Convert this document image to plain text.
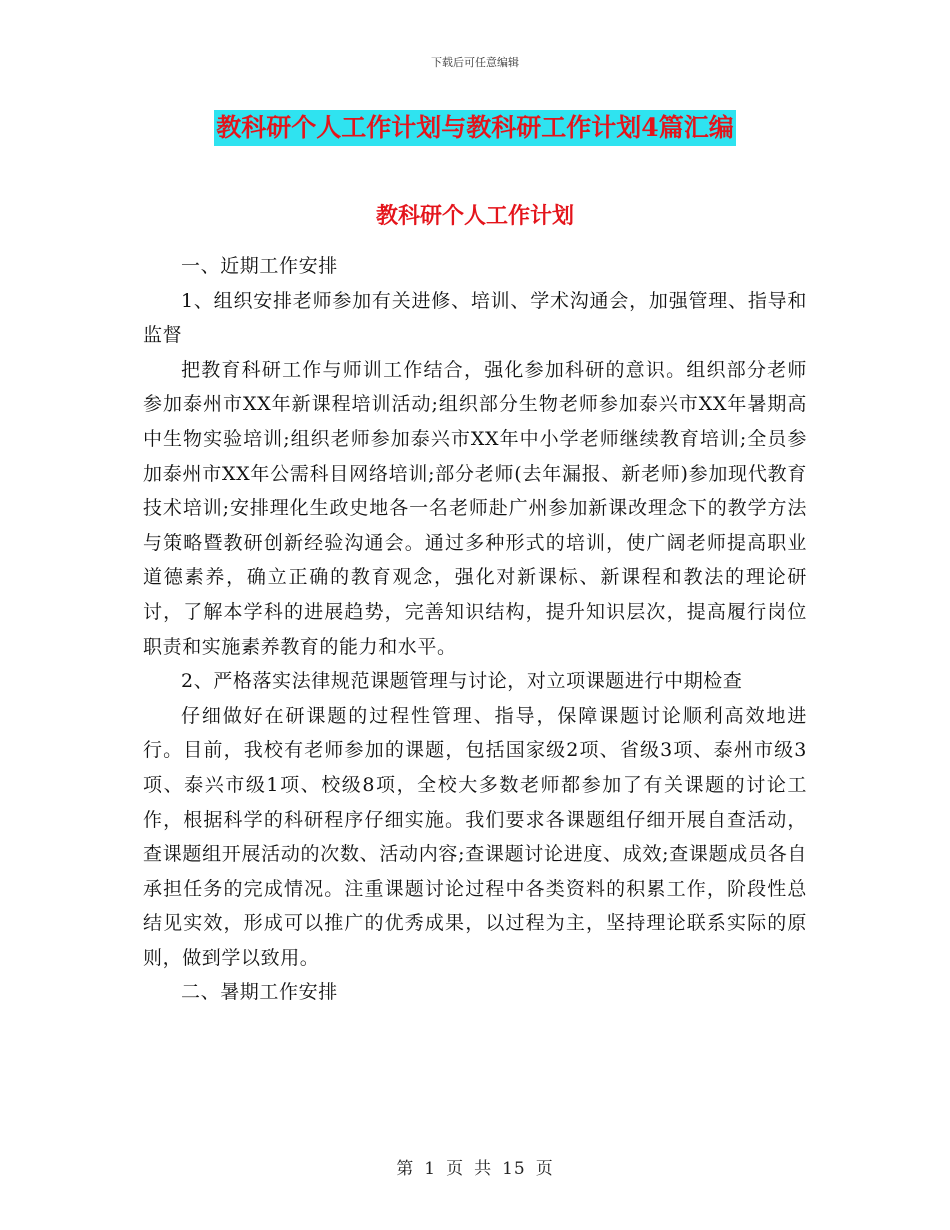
下载后可任意编辑
教科研个人工作计划与教科研工作计划4篇汇编
教科研个人工作计划

一、近期工作安排

1、组织安排老师参加有关进修、培训、学术沟通会，加强管理、指导和监督

把教育科研工作与师训工作结合，强化参加科研的意识。组织部分老师参加泰州市XX年新课程培训活动;组织部分生物老师参加泰兴市XX年暑期高中生物实验培训;组织老师参加泰兴市XX年中小学老师继续教育培训;全员参加泰州市XX年公需科目网络培训;部分老师(去年漏报、新老师)参加现代教育技术培训;安排理化生政史地各一名老师赴广州参加新课改理念下的教学方法与策略暨教研创新经验沟通会。通过多种形式的培训，使广阔老师提高职业道德素养，确立正确的教育观念，强化对新课标、新课程和教法的理论研讨，了解本学科的进展趋势，完善知识结构，提升知识层次，提高履行岗位职责和实施素养教育的能力和水平。

2、严格落实法律规范课题管理与讨论，对立项课题进行中期检查

仔细做好在研课题的过程性管理、指导，保障课题讨论顺利高效地进行。目前，我校有老师参加的课题，包括国家级2项、省级3项、泰州市级3项、泰兴市级1项、校级8项，全校大多数老师都参加了有关课题的讨论工作，根据科学的科研程序仔细实施。我们要求各课题组仔细开展自查活动，查课题组开展活动的次数、活动内容;查课题讨论进度、成效;查课题成员各自承担任务的完成情况。注重课题讨论过程中各类资料的积累工作，阶段性总结见实效，形成可以推广的优秀成果，以过程为主，坚持理论联系实际的原则，做到学以致用。

二、暑期工作安排

第 1 页 共 15 页
